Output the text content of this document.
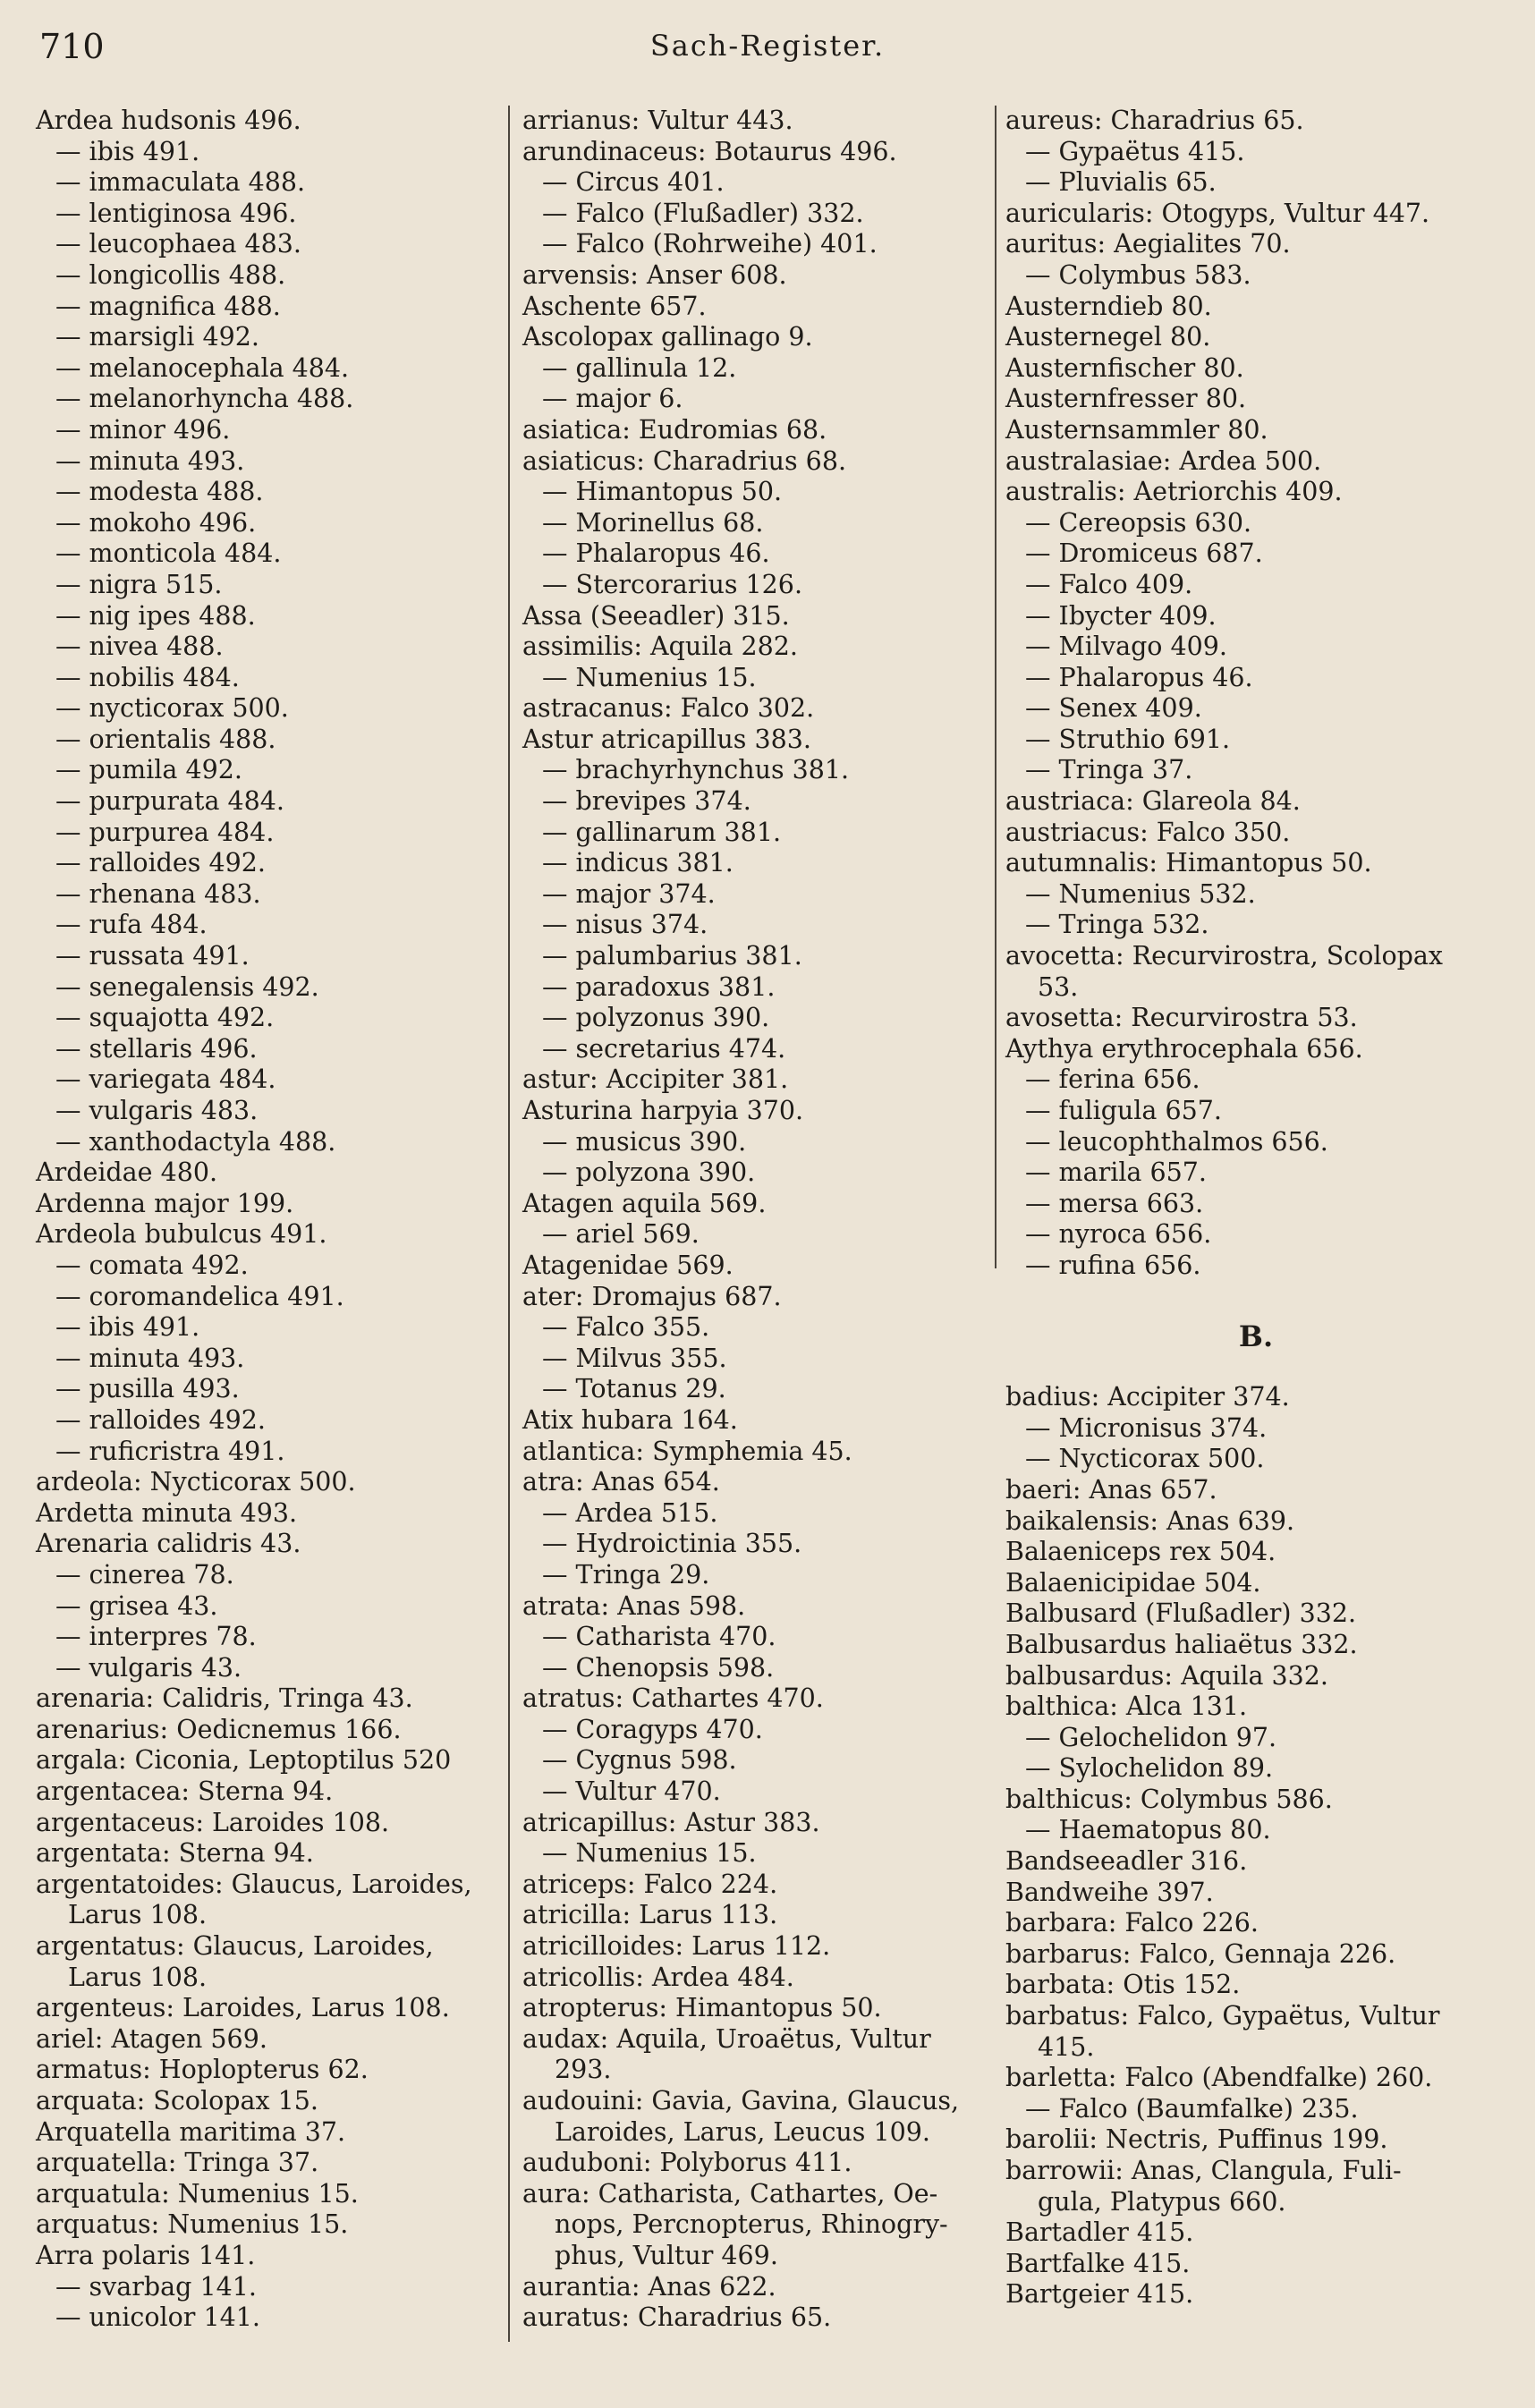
710	Sach-Register.
Ardea hudsonis 496.
— ibis 491.
— immaculata 488.
— lentiginosa 496.
— leucophaea 483.
— longicollis 488.
— magnifica 488.
— marsigli 492.
— melanocephala 484.
— melanorhyncha 488.
— minor 496.
— minuta 493.
— modesta 488.
— mokoho 496.
— monticola 484.
— nigra 515.
— nig ipes 488.
— nivea 488.
— nobilis 484.
— nycticorax 500.
— orientalis 488.
— pumila 492.
— purpurata 484.
— purpurea 484.
— ralloides 492.
— rhenana 483.
— rufa 484.
— russata 491.
— senegalensis 492.
— squajotta 492.
— stellaris 496.
— variegata 484.
— vulgaris 483.
— xanthodactyla 488.
Ardeidae 480.
Ardenna major 199.
Ardeola bubulcus 491.
— comata 492.
— coromandelica 491.
— ibis 491.
— minuta 493.
— pusilla 493.
— ralloides 492.
— ruficristra 491.
ardeola: Nycticorax 500.
Ardetta minuta 493.
Arenaria calidris 43.
— cinerea 78.
— grisea 43.
— interpres 78.
— vulgaris 43.
arenaria: Calidris, Tringa 43.
arenarius: Oedicnemus 166.
argala: Ciconia, Leptoptilus 520
argentacea: Sterna 94.
argentaceus: Laroides 108.
argentata: Sterna 94.
argentatoides: Glaucus, Laroides,
Larus 108.
argentatus: Glaucus, Laroides,
Larus 108.
argenteus: Laroides, Larus 108.
ariel: Atagen 569.
armatus: Hoplopterus 62.
arquata: Scolopax 15.
Arquatella maritima 37.
arquatella: Tringa 37.
arquatula: Numenius 15.
arquatus: Numenius 15.
Arra polaris 141.
— svarbag 141.
— unicolor 141.
arrianus: Vultur 443.
arundinaceus: Botaurus 496.
— Circus 401.
— Falco (Flußadler) 332.
— Falco (Rohrweihe) 401.
arvensis: Anser 608.
Aschente 657.
Ascolopax gallinago 9.
— gallinula 12.
— major 6.
asiatica: Eudromias 68.
asiaticus: Charadrius 68.
— Himantopus 50.
— Morinellus 68.
— Phalaropus 46.
— Stercorarius 126.
Assa (Seeadler) 315.
assimilis: Aquila 282.
— Numenius 15.
astracanus: Falco 302.
Astur atricapillus 383.
— brachyrhynchus 381.
— brevipes 374.
— gallinarum 381.
— indicus 381.
— major 374.
— nisus 374.
— palumbarius 381.
— paradoxus 381.
— polyzonus 390.
— secretarius 474.
astur: Accipiter 381.
Asturina harpyia 370.
— musicus 390.
— polyzona 390.
Atagen aquila 569.
— ariel 569.
Atagenidae 569.
ater: Dromajus 687.
— Falco 355.
— Milvus 355.
— Totanus 29.
Atix hubara 164.
atlantica: Symphemia 45.
atra: Anas 654.
— Ardea 515.
— Hydroictinia 355.
— Tringa 29.
atrata: Anas 598.
— Catharista 470.
— Chenopsis 598.
atratus: Cathartes 470.
— Coragyps 470.
— Cygnus 598.
— Vultur 470.
atricapillus: Astur 383.
— Numenius 15.
atriceps: Falco 224.
atricilla: Larus 113.
atricilloides: Larus 112.
atricollis: Ardea 484.
atropterus: Himantopus 50.
audax: Aquila, Uroaëtus, Vultur
293.
audouini: Gavia, Gavina, Glaucus,
Laroides, Larus, Leucus 109.
auduboni: Polyborus 411.
aura: Catharista, Cathartes, Oe-
nops, Percnopterus, Rhinogry-
phus, Vultur 469.
aurantia: Anas 622.
auratus: Charadrius 65.
aureus: Charadrius 65.
— Gypaëtus 415.
— Pluvialis 65.
auricularis: Otogyps, Vultur 447.
auritus: Aegialites 70.
— Colymbus 583.
Austerndieb 80.
Austernegel 80.
Austernfischer 80.
Austernfresser 80.
Austernsammler 80.
australasiae: Ardea 500.
australis: Aetriorchis 409.
— Cereopsis 630.
— Dromiceus 687.
— Falco 409.
— Ibycter 409.
— Milvago 409.
— Phalaropus 46.
— Senex 409.
— Struthio 691.
— Tringa 37.
austriaca: Glareola 84.
austriacus: Falco 350.
autumnalis: Himantopus 50.
— Numenius 532.
— Tringa 532.
avocetta: Recurvirostra, Scolopax
53.
avosetta: Recurvirostra 53.
Aythya erythrocephala 656.
— ferina 656.
— fuligula 657.
— leucophthalmos 656.
— marila 657.
— mersa 663.
— nyroca 656.
— rufina 656.
B.
badius: Accipiter 374.
— Micronisus 374.
— Nycticorax 500.
baeri: Anas 657.
baikalensis: Anas 639.
Balaeniceps rex 504.
Balaenicipidae 504.
Balbusard (Flußadler) 332.
Balbusardus haliaëtus 332.
balbusardus: Aquila 332.
balthica: Alca 131.
— Gelochelidon 97.
— Sylochelidon 89.
balthicus: Colymbus 586.
— Haematopus 80.
Bandseeadler 316.
Bandweihe 397.
barbara: Falco 226.
barbarus: Falco, Gennaja 226.
barbata: Otis 152.
barbatus: Falco, Gypaëtus, Vultur
415.
barletta: Falco (Abendfalke) 260.
— Falco (Baumfalke) 235.
barolii: Nectris, Puffinus 199.
barrowii: Anas, Clangula, Fuli-
gula, Platypus 660.
Bartadler 415.
Bartfalke 415.
Bartgeier 415.
